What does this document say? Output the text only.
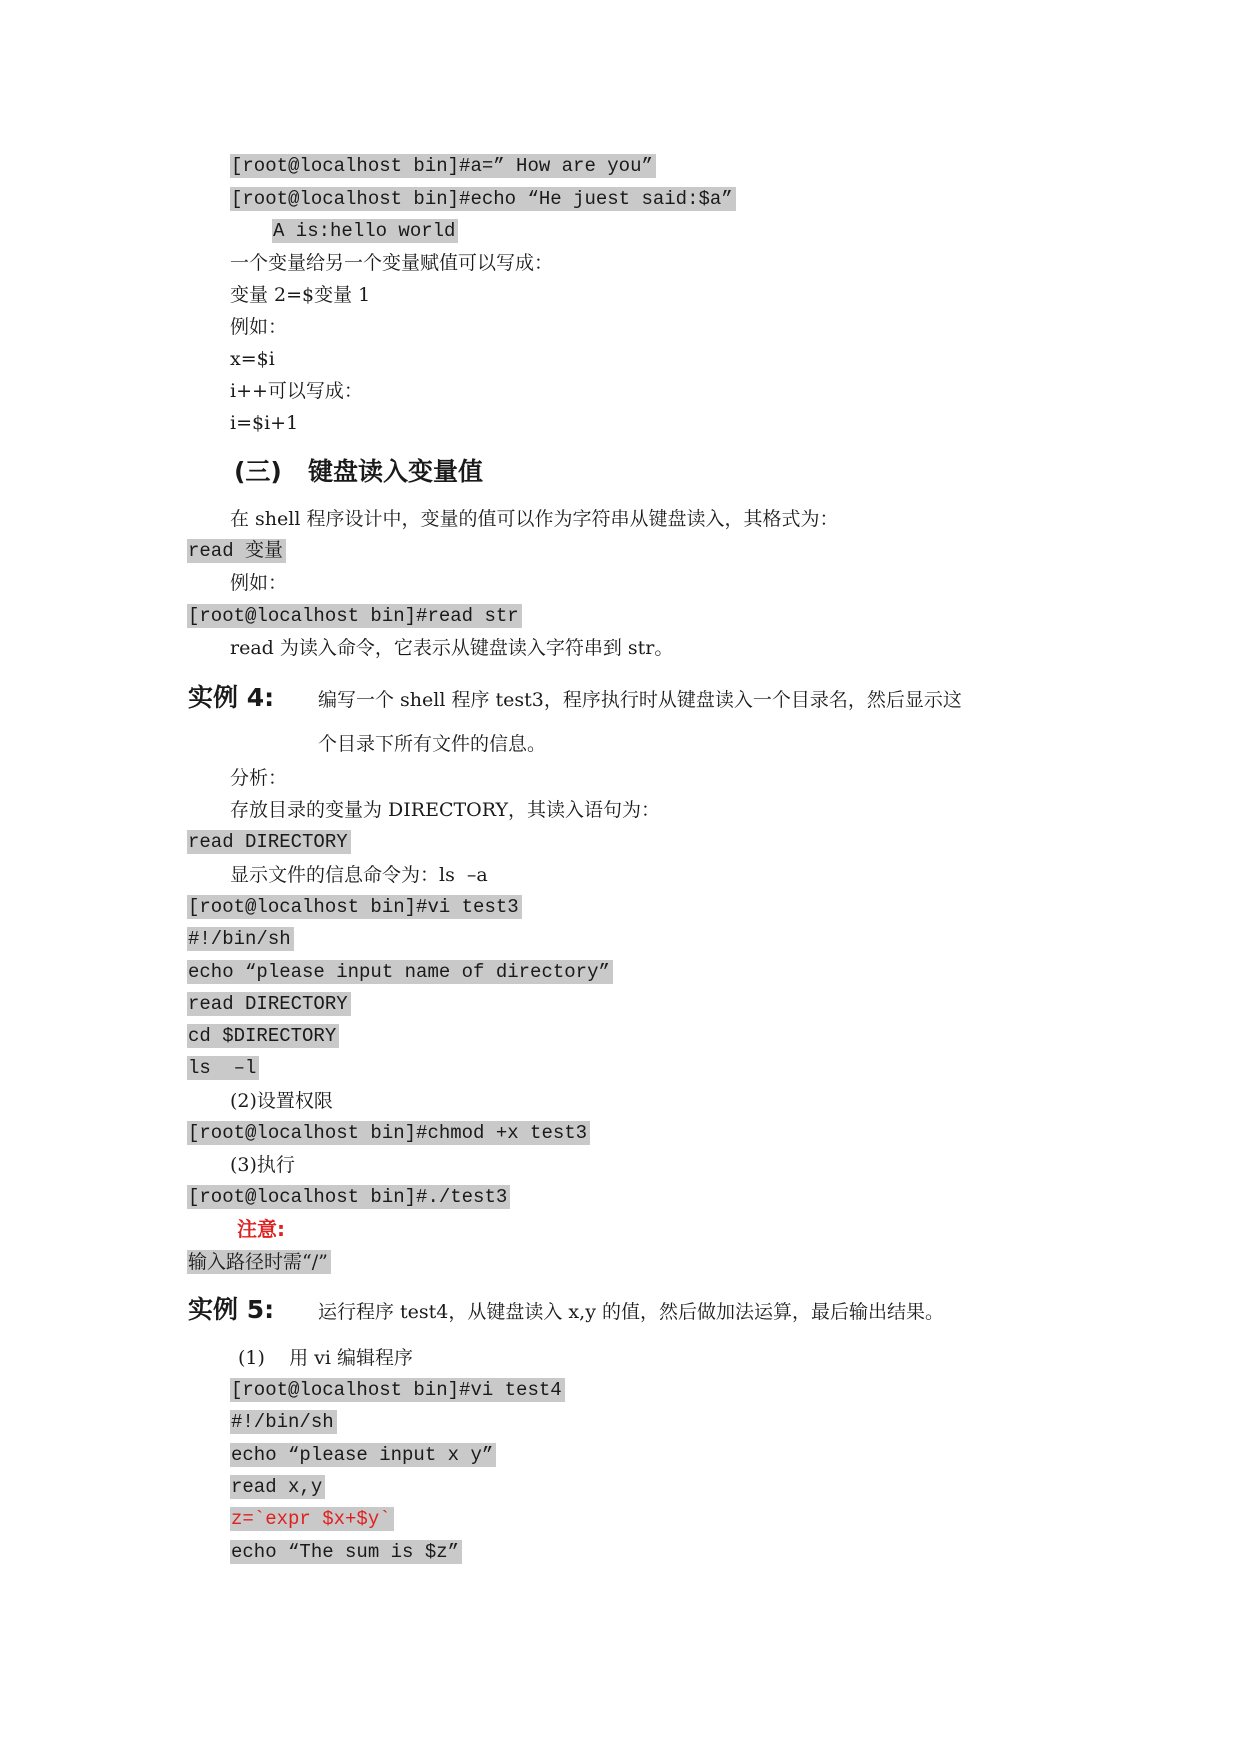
[root@localhost bin]#a=” How are you”
[root@localhost bin]#echo “He juest said:$a”
A is:hello world
一个变量给另一个变量赋值可以写成：
变量 2=$变量 1
例如：
x=$i
i++可以写成：
i=$i+1
(三)   键盘读入变量值
在 shell 程序设计中，变量的值可以作为字符串从键盘读入，其格式为：
read 变量
例如：
[root@localhost bin]#read str
read 为读入命令，它表示从键盘读入字符串到 str。
实例 4: 编写一个 shell 程序 test3，程序执行时从键盘读入一个目录名，然后显示这
个目录下所有文件的信息。
分析：
存放目录的变量为 DIRECTORY，其读入语句为：
read DIRECTORY
显示文件的信息命令为：ls  –a
[root@localhost bin]#vi test3
#!/bin/sh
echo “please input name of directory”
read DIRECTORY
cd $DIRECTORY
ls  –l
(2)设置权限
[root@localhost bin]#chmod +x test3
(3)执行
[root@localhost bin]#./test3
注意:
输入路径时需“/”
实例 5: 运行程序 test4，从键盘读入 x,y 的值，然后做加法运算，最后输出结果。
(1)    用 vi 编辑程序
[root@localhost bin]#vi test4
#!/bin/sh
echo “please input x y”
read x,y
z=`expr $x+$y`
echo “The sum is $z”
